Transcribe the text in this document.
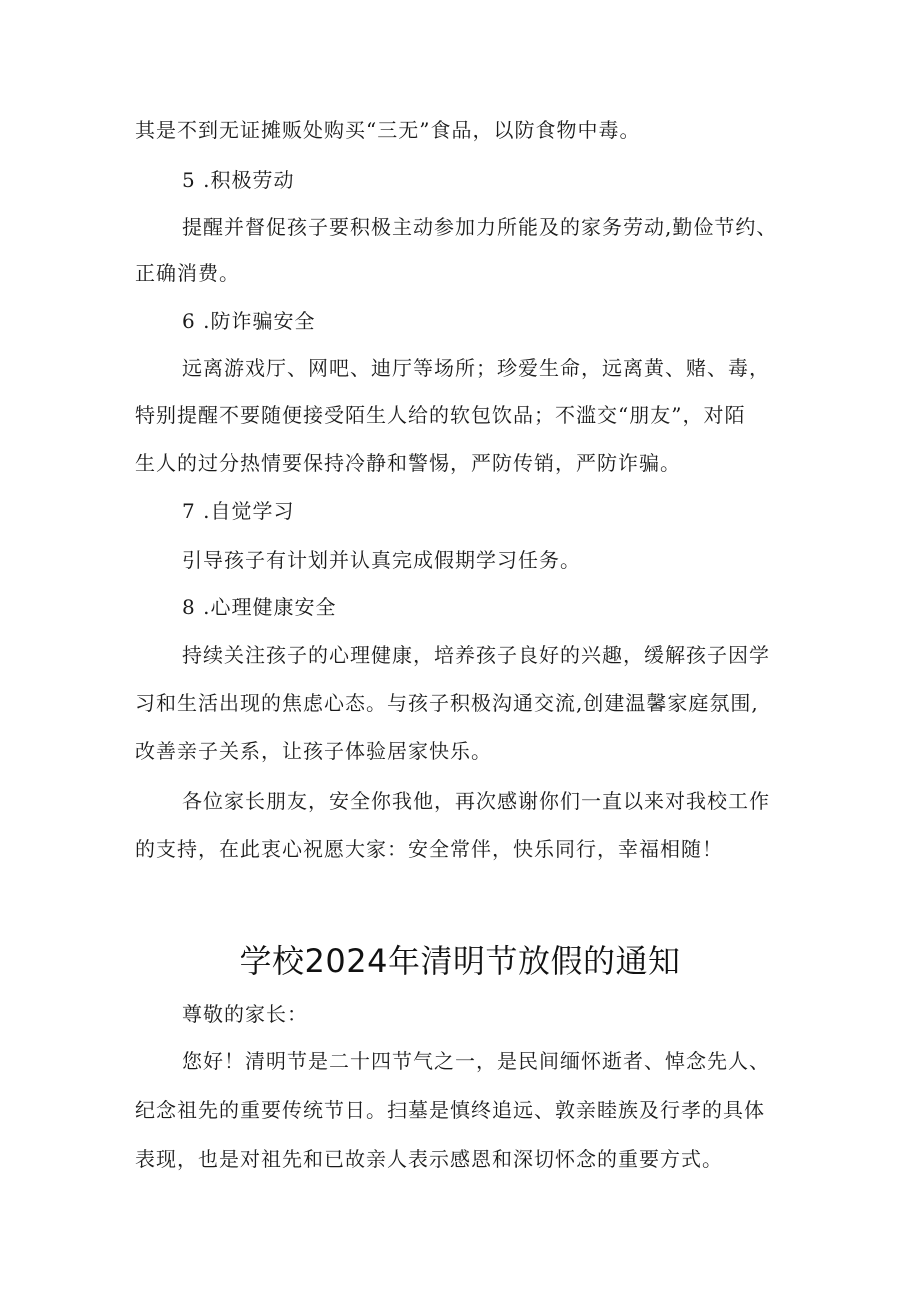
其是不到无证摊贩处购买“三无”食品，以防食物中毒。
5 .积极劳动
提醒并督促孩子要积极主动参加力所能及的家务劳动,勤俭节约、
正确消费。
6 .防诈骗安全
远离游戏厅、网吧、迪厅等场所；珍爱生命，远离黄、赌、毒，
特别提醒不要随便接受陌生人给的软包饮品；不滥交“朋友”，对陌
生人的过分热情要保持冷静和警惕，严防传销，严防诈骗。
7 .自觉学习
引导孩子有计划并认真完成假期学习任务。
8 .心理健康安全
持续关注孩子的心理健康，培养孩子良好的兴趣，缓解孩子因学
习和生活出现的焦虑心态。与孩子积极沟通交流,创建温馨家庭氛围,
改善亲子关系，让孩子体验居家快乐。
各位家长朋友，安全你我他，再次感谢你们一直以来对我校工作
的支持，在此衷心祝愿大家：安全常伴，快乐同行，幸福相随！
学校2024年清明节放假的通知
尊敬的家长：
您好！清明节是二十四节气之一，是民间缅怀逝者、悼念先人、
纪念祖先的重要传统节日。扫墓是慎终追远、敦亲睦族及行孝的具体
表现，也是对祖先和已故亲人表示感恩和深切怀念的重要方式。
